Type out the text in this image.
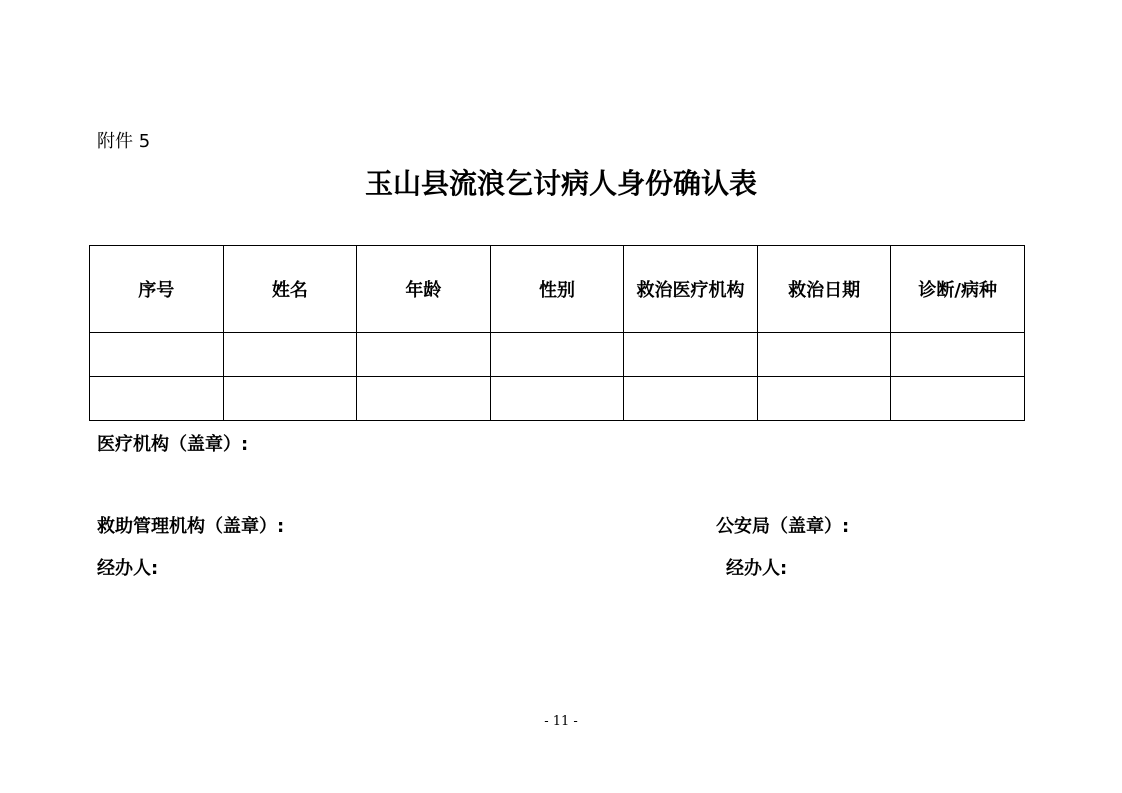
附件 5
玉山县流浪乞讨病人身份确认表
序号	姓名	年龄	性别	救治医疗机构	救治日期	诊断/病种

医疗机构（盖章）:
救助管理机构（盖章）:	公安局（盖章）:
经办人:	经办人:
- 11 -
